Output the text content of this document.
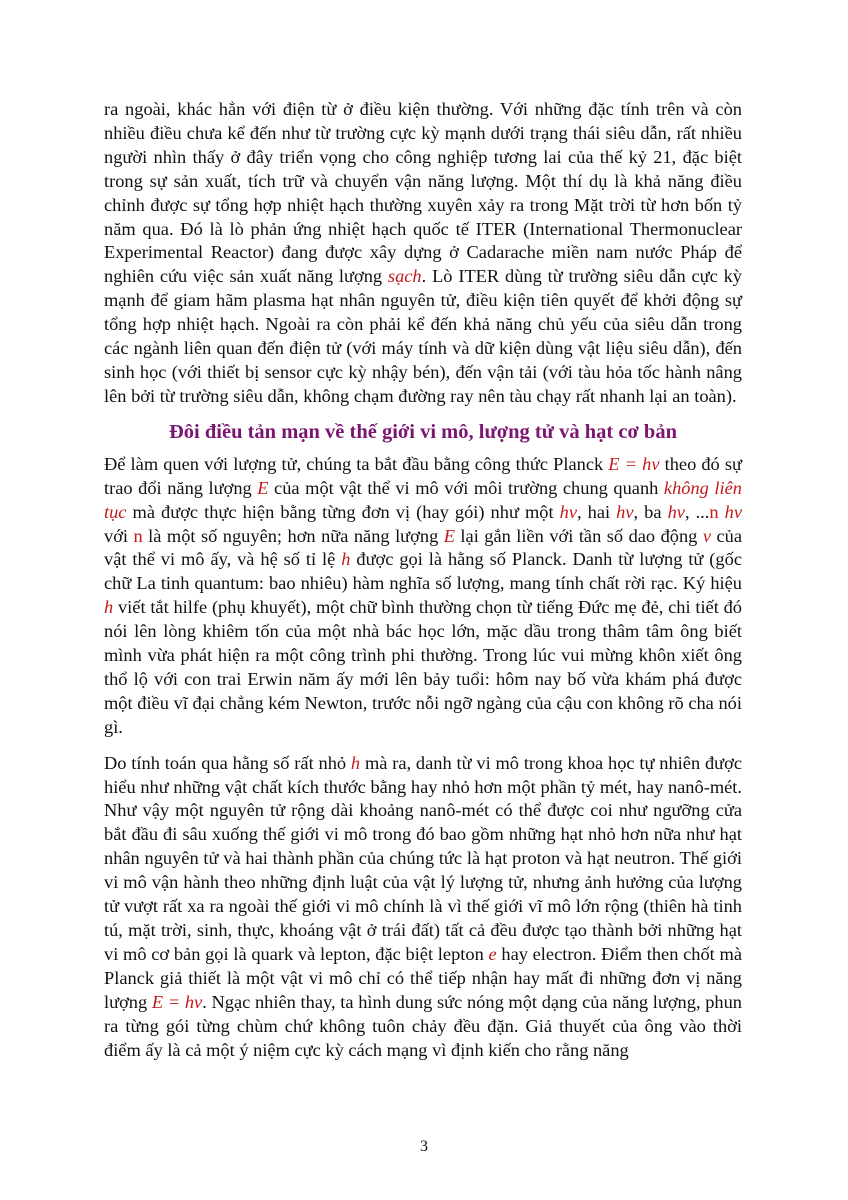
ra ngoài, khác hẳn với điện từ ở điều kiện thường. Với những đặc tính trên và còn nhiều điều chưa kể đến như từ trường cực kỳ mạnh dưới trạng thái siêu dẫn, rất nhiều người nhìn thấy ở đây triển vọng cho công nghiệp tương lai của thế kỷ 21, đặc biệt trong sự sản xuất, tích trữ và chuyển vận năng lượng. Một thí dụ là khả năng điều chỉnh được sự tổng hợp nhiệt hạch thường xuyên xảy ra trong Mặt trời từ hơn bốn tỷ năm qua. Đó là lò phản ứng nhiệt hạch quốc tế ITER (International Thermonuclear Experimental Reactor) đang được xây dựng ở Cadarache miền nam nước Pháp để nghiên cứu việc sản xuất năng lượng sạch. Lò ITER dùng từ trường siêu dẫn cực kỳ mạnh để giam hãm plasma hạt nhân nguyên tử, điều kiện tiên quyết để khởi động sự tổng hợp nhiệt hạch. Ngoài ra còn phải kể đến khả năng chủ yếu của siêu dẫn trong các ngành liên quan đến điện tử (với máy tính và dữ kiện dùng vật liệu siêu dẫn), đến sinh học (với thiết bị sensor cực kỳ nhậy bén), đến vận tải (với tàu hỏa tốc hành nâng lên bởi từ trường siêu dẫn, không chạm đường ray nên tàu chạy rất nhanh lại an toàn).

Đôi điều tản mạn về thế giới vi mô, lượng tử và hạt cơ bản

Để làm quen với lượng tử, chúng ta bắt đầu bằng công thức Planck E = hν theo đó sự trao đổi năng lượng E của một vật thể vi mô với môi trường chung quanh không liên tục mà được thực hiện bằng từng đơn vị (hay gói) như một hν, hai hν, ba hν, ...n hν với n là một số nguyên; hơn nữa năng lượng E lại gắn liền với tần số dao động ν của vật thể vi mô ấy, và hệ số tỉ lệ h được gọi là hằng số Planck. Danh từ lượng tử (gốc chữ La tinh quantum: bao nhiêu) hàm nghĩa số lượng, mang tính chất rời rạc. Ký hiệu h viết tắt hilfe (phụ khuyết), một chữ bình thường chọn từ tiếng Đức mẹ đẻ, chi tiết đó nói lên lòng khiêm tốn của một nhà bác học lớn, mặc dầu trong thâm tâm ông biết mình vừa phát hiện ra một công trình phi thường. Trong lúc vui mừng khôn xiết ông thổ lộ với con trai Erwin năm ấy mới lên bảy tuổi: hôm nay bố vừa khám phá được một điều vĩ đại chẳng kém Newton, trước nỗi ngỡ ngàng của cậu con không rõ cha nói gì.

Do tính toán qua hằng số rất nhỏ h mà ra, danh từ vi mô trong khoa học tự nhiên được hiểu như những vật chất kích thước bằng hay nhỏ hơn một phần tỷ mét, hay nanô-mét. Như vậy một nguyên tử rộng dài khoảng nanô-mét có thể được coi như ngưỡng cửa bắt đầu đi sâu xuống thế giới vi mô trong đó bao gồm những hạt nhỏ hơn nữa như hạt nhân nguyên tử và hai thành phần của chúng tức là hạt proton và hạt neutron. Thế giới vi mô vận hành theo những định luật của vật lý lượng tử, nhưng ảnh hưởng của lượng tử vượt rất xa ra ngoài thế giới vi mô chính là vì thế giới vĩ mô lớn rộng (thiên hà tinh tú, mặt trời, sinh, thực, khoáng vật ở trái đất) tất cả đều được tạo thành bởi những hạt vi mô cơ bản gọi là quark và lepton, đặc biệt lepton e hay electron. Điểm then chốt mà Planck giả thiết là một vật vi mô chỉ có thể tiếp nhận hay mất đi những đơn vị năng lượng E = hν. Ngạc nhiên thay, ta hình dung sức nóng một dạng của năng lượng, phun ra từng gói từng chùm chứ không tuôn chảy đều đặn. Giả thuyết của ông vào thời điểm ấy là cả một ý niệm cực kỳ cách mạng vì định kiến cho rằng năng

3
